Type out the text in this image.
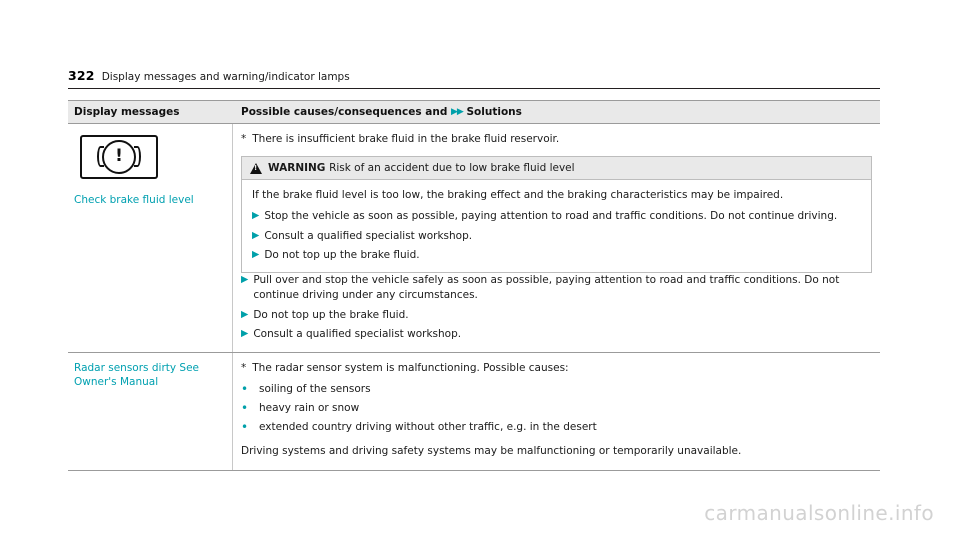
322 Display messages and warning/indicator lamps
Display messages	Possible causes/consequences and ▶▶ Solutions
!
Check brake fluid level
* There is insufficient brake fluid in the brake fluid reservoir.
!
WARNING Risk of an accident due to low brake fluid level

If the brake fluid level is too low, the braking effect and the braking characteristics may be impaired.

▶ Stop the vehicle as soon as possible, paying attention to road and traffic conditions. Do not continue driving.
▶ Consult a qualified specialist workshop.
▶ Do not top up the brake fluid.
▶ Pull over and stop the vehicle safely as soon as possible, paying attention to road and traffic conditions. Do not continue driving under any circumstances.
▶ Do not top up the brake fluid.
▶ Consult a qualified specialist workshop.
Radar sensors dirty See Owner's Manual
* The radar sensor system is malfunctioning. Possible causes:
• soiling of the sensors
• heavy rain or snow
• extended country driving without other traffic, e.g. in the desert
Driving systems and driving safety systems may be malfunctioning or temporarily unavailable.
carmanualsonline.info
